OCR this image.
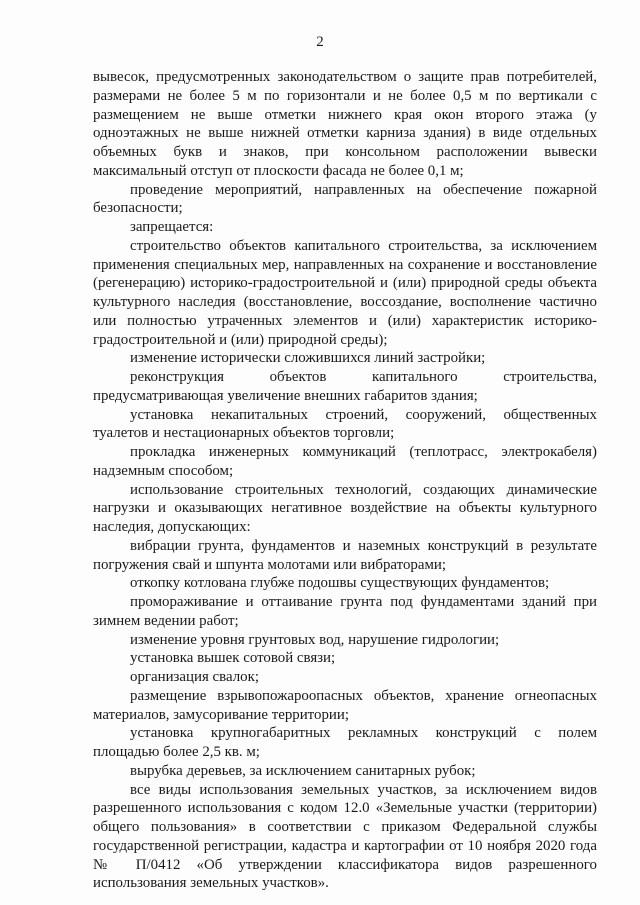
2

вывесок, предусмотренных законодательством о защите прав потребителей, размерами не более 5 м по горизонтали и не более 0,5 м по вертикали с размещением не выше отметки нижнего края окон второго этажа (у одноэтажных не выше нижней отметки карниза здания) в виде отдельных объемных букв и знаков, при консольном расположении вывески максимальный отступ от плоскости фасада не более 0,1 м;

проведение мероприятий, направленных на обеспечение пожарной безопасности;

запрещается:

строительство объектов капитального строительства, за исключением применения специальных мер, направленных на сохранение и восстановление (регенерацию) историко-градостроительной и (или) природной среды объекта культурного наследия (восстановление, воссоздание, восполнение частично или полностью утраченных элементов и (или) характеристик историко-градостроительной и (или) природной среды);

изменение исторически сложившихся линий застройки;

реконструкция объектов капитального строительства, предусматривающая увеличение внешних габаритов здания;

установка некапитальных строений, сооружений, общественных туалетов и нестационарных объектов торговли;

прокладка инженерных коммуникаций (теплотрасс, электрокабеля) надземным способом;

использование строительных технологий, создающих динамические нагрузки и оказывающих негативное воздействие на объекты культурного наследия, допускающих:

вибрации грунта, фундаментов и наземных конструкций в результате погружения свай и шпунта молотами или вибраторами;

откопку котлована глубже подошвы существующих фундаментов;

промораживание и оттаивание грунта под фундаментами зданий при зимнем ведении работ;

изменение уровня грунтовых вод, нарушение гидрологии;

установка вышек сотовой связи;

организация свалок;

размещение взрывопожароопасных объектов, хранение огнеопасных материалов, замусоривание территории;

установка крупногабаритных рекламных конструкций с полем площадью более 2,5 кв. м;

вырубка деревьев, за исключением санитарных рубок;

все виды использования земельных участков, за исключением видов разрешенного использования с кодом 12.0 «Земельные участки (территории) общего пользования» в соответствии с приказом Федеральной службы государственной регистрации, кадастра и картографии от 10 ноября 2020 года № П/0412 «Об утверждении классификатора видов разрешенного использования земельных участков».
